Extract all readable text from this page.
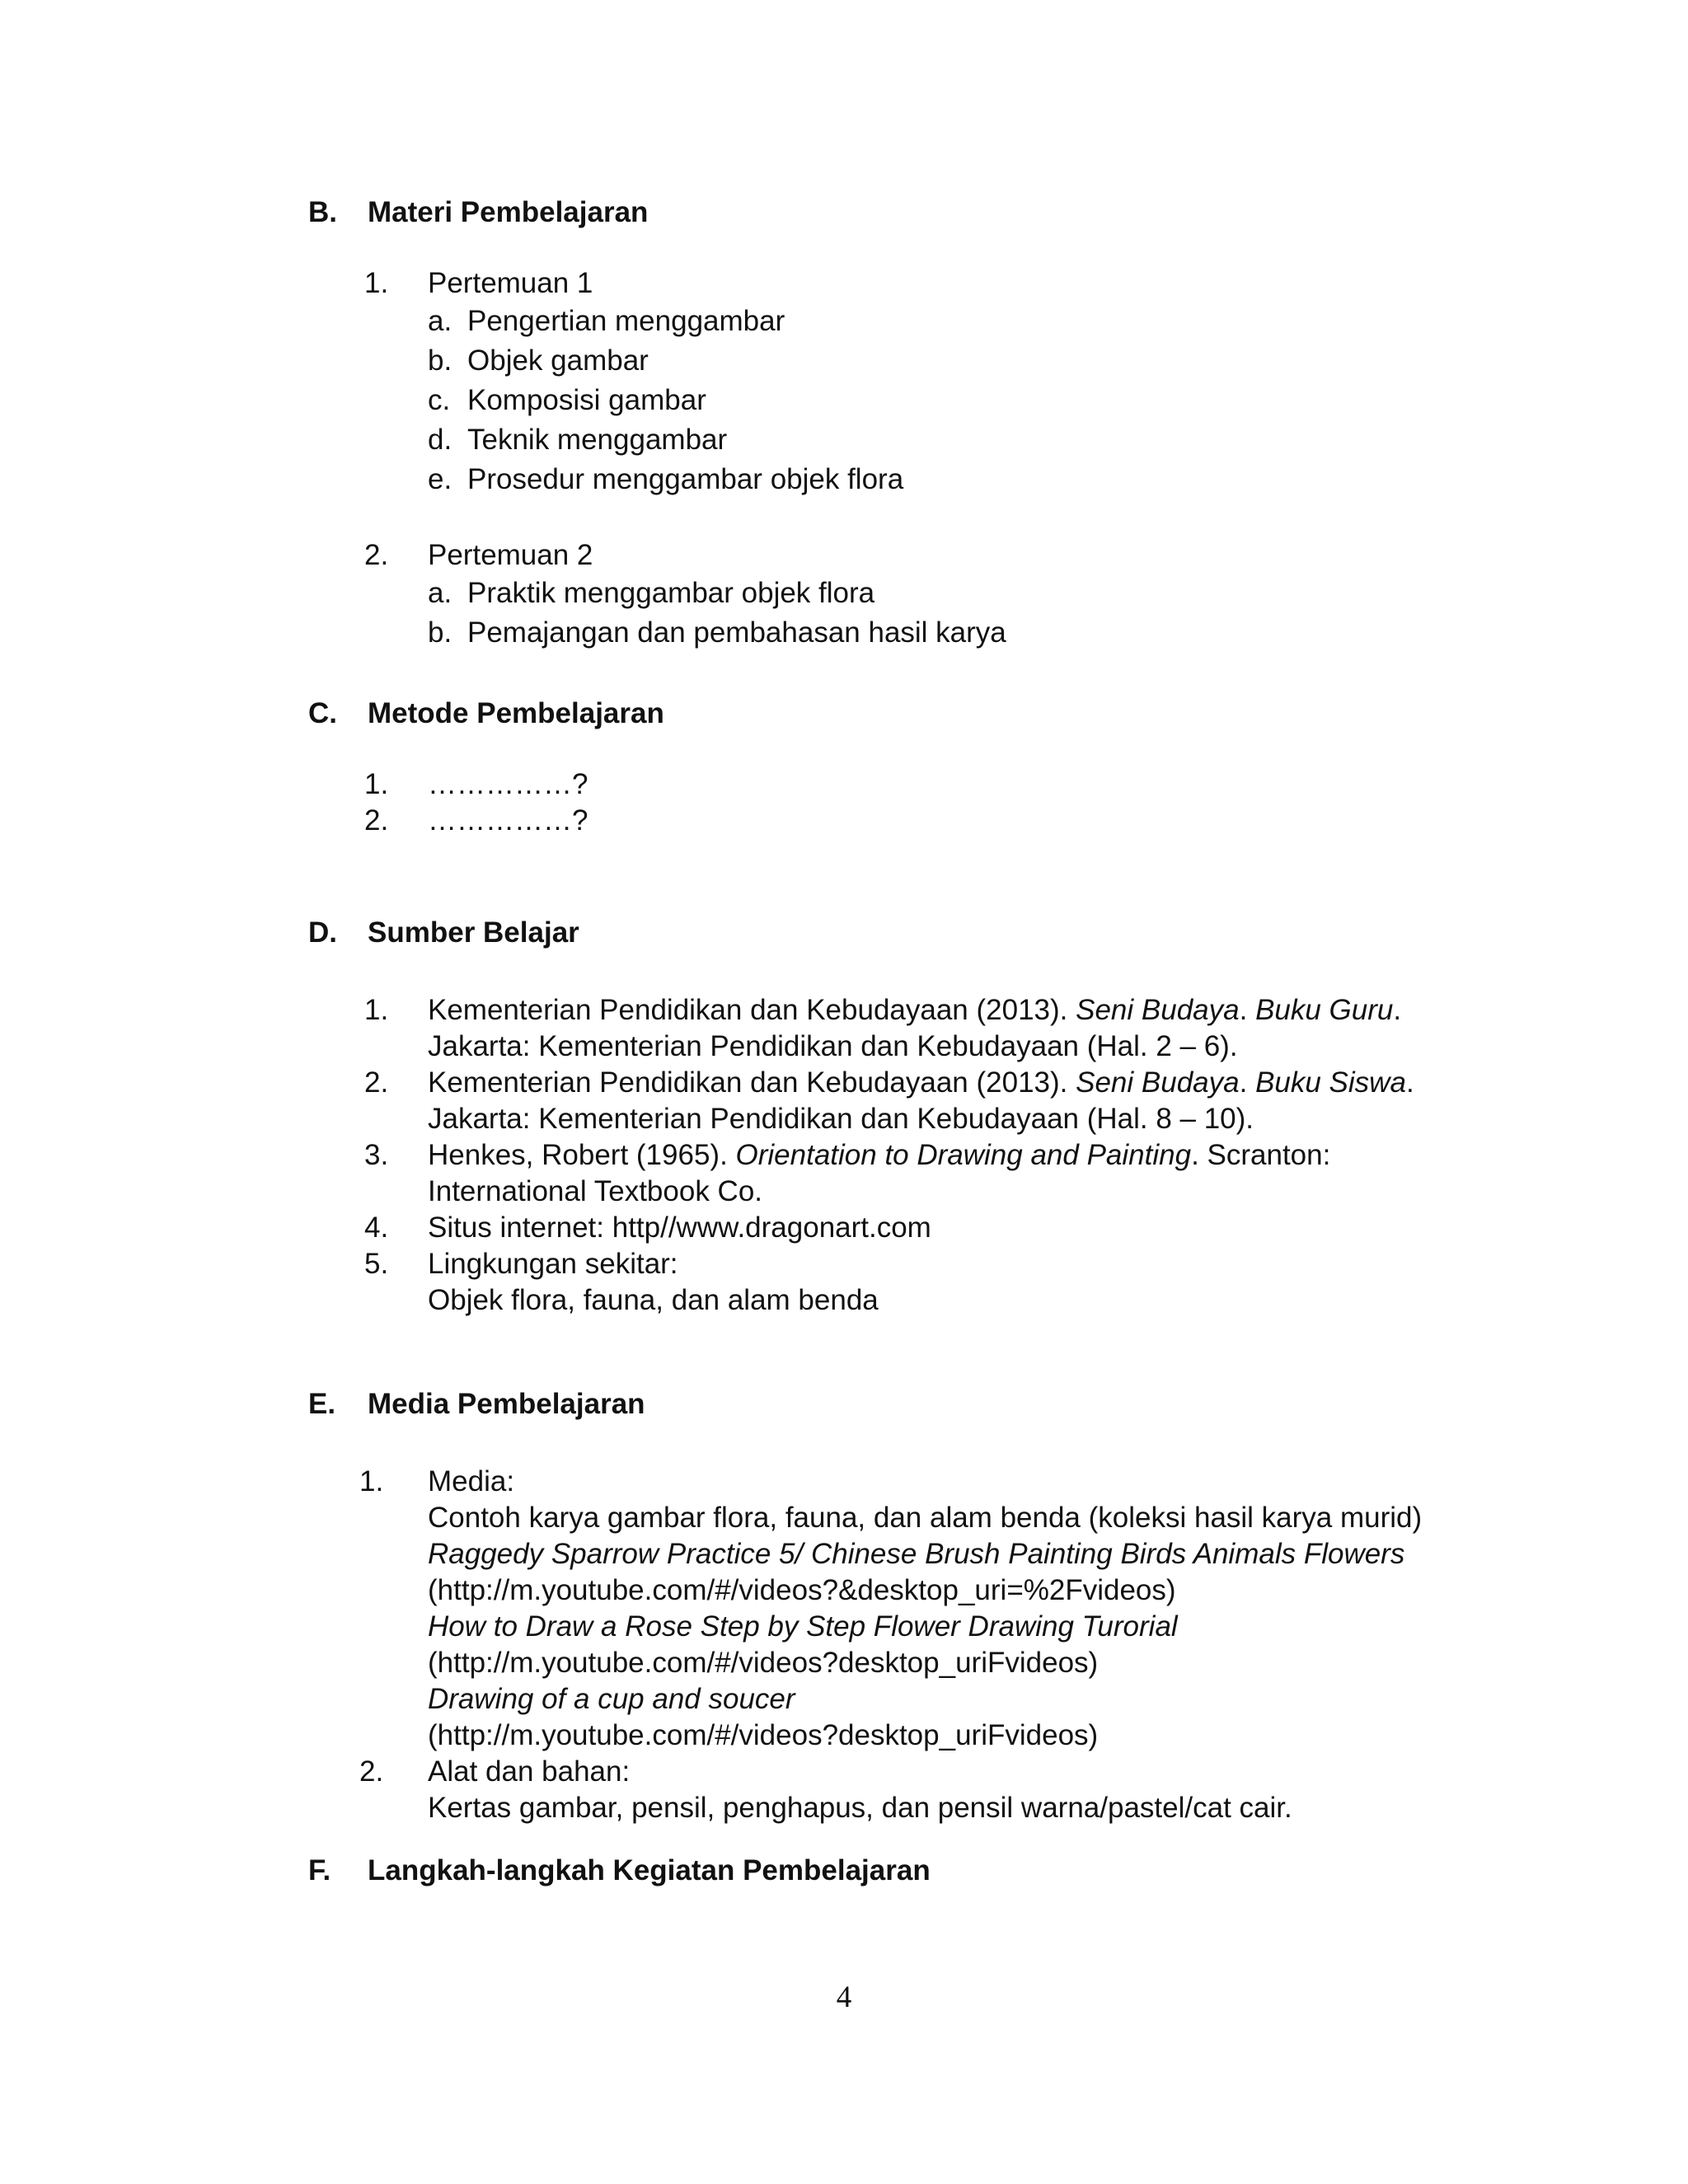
B.	Materi Pembelajaran
1. Pertemuan 1
a. Pengertian menggambar
b. Objek gambar
c. Komposisi gambar
d. Teknik menggambar
e. Prosedur menggambar objek flora
2. Pertemuan 2
a. Praktik menggambar objek flora
b. Pemajangan dan pembahasan hasil karya
C.	Metode Pembelajaran
1. ……………?
2. ……………?
D.	Sumber Belajar
1. Kementerian Pendidikan dan Kebudayaan (2013). Seni Budaya. Buku Guru.
Jakarta: Kementerian Pendidikan dan Kebudayaan (Hal. 2 – 6).
2. Kementerian Pendidikan dan Kebudayaan (2013). Seni Budaya. Buku Siswa.
Jakarta: Kementerian Pendidikan dan Kebudayaan (Hal. 8 – 10).
3. Henkes, Robert (1965). Orientation to Drawing and Painting. Scranton:
International Textbook Co.
4. Situs internet: http//www.dragonart.com
5. Lingkungan sekitar:
Objek flora, fauna, dan alam benda
E.	Media Pembelajaran
1. Media:
Contoh karya gambar flora, fauna, dan alam benda (koleksi hasil karya murid)
Raggedy Sparrow Practice 5/ Chinese Brush Painting Birds Animals Flowers
(http://m.youtube.com/#/videos?&desktop_uri=%2Fvideos)
How to Draw a Rose Step by Step Flower Drawing Turorial
(http://m.youtube.com/#/videos?desktop_uriFvideos)
Drawing of a cup and soucer
(http://m.youtube.com/#/videos?desktop_uriFvideos)
2. Alat dan bahan:
Kertas gambar, pensil, penghapus, dan pensil warna/pastel/cat cair.
F.	Langkah-langkah Kegiatan Pembelajaran
4
